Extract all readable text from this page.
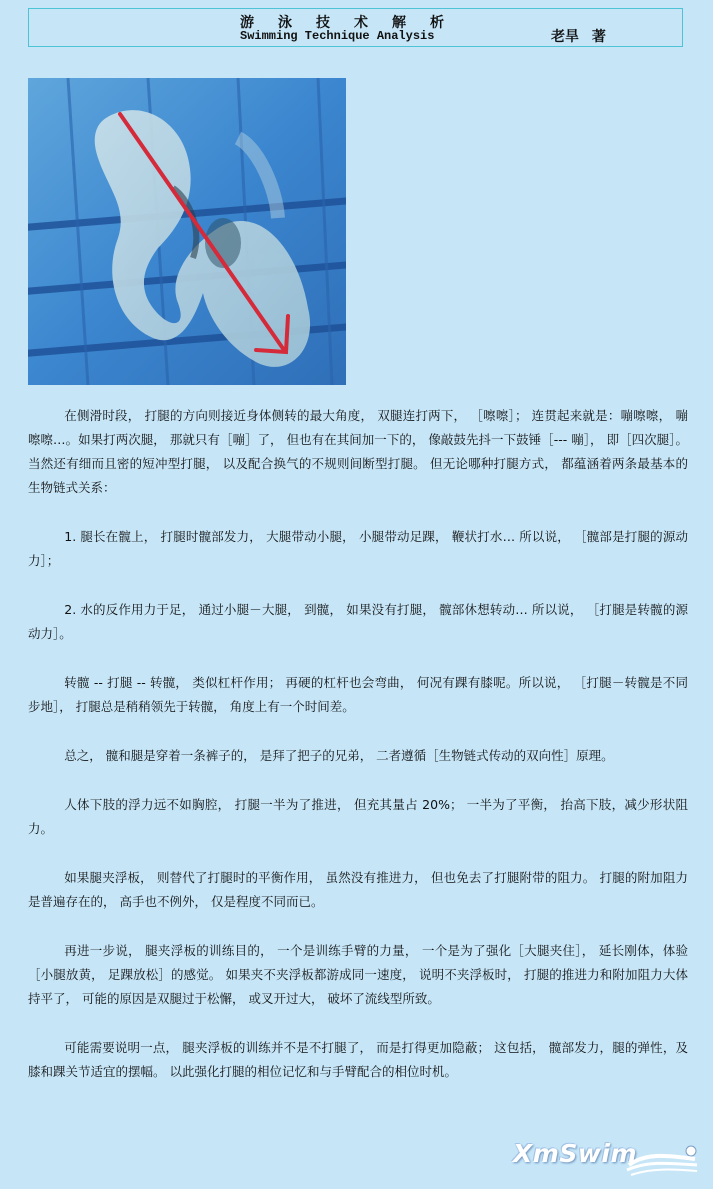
游泳技术解析
Swimming Technique Analysis	老旱 著

在侧滑时段， 打腿的方向则接近身体侧转的最大角度， 双腿连打两下， ［嚓嚓］； 连贯起来就是：嘣嚓嚓， 嘣嚓嚓…。如果打两次腿， 那就只有［嘣］了， 但也有在其间加一下的， 像敲鼓先抖一下鼓锤［--- 嘣］， 即［四次腿］。 当然还有细而且密的短冲型打腿， 以及配合换气的不规则间断型打腿。 但无论哪种打腿方式， 都蕴涵着两条最基本的生物链式关系：

1. 腿长在髋上， 打腿时髋部发力， 大腿带动小腿， 小腿带动足踝， 鞭状打水… 所以说， ［髋部是打腿的源动力］；

2. 水的反作用力于足， 通过小腿－大腿， 到髋， 如果没有打腿， 髋部休想转动… 所以说， ［打腿是转髋的源动力］。

转髋 -- 打腿 -- 转髋， 类似杠杆作用； 再硬的杠杆也会弯曲， 何况有踝有膝呢。所以说， ［打腿－转髋是不同步地］， 打腿总是稍稍领先于转髋， 角度上有一个时间差。

总之， 髋和腿是穿着一条裤子的， 是拜了把子的兄弟， 二者遵循［生物链式传动的双向性］原理。

人体下肢的浮力远不如胸腔， 打腿一半为了推进， 但充其量占 20%； 一半为了平衡， 抬高下肢，减少形状阻力。

如果腿夹浮板， 则替代了打腿时的平衡作用， 虽然没有推进力， 但也免去了打腿附带的阻力。 打腿的附加阻力是普遍存在的， 高手也不例外， 仅是程度不同而已。

再进一步说， 腿夹浮板的训练目的， 一个是训练手臂的力量， 一个是为了强化［大腿夹住］， 延长刚体，体验［小腿放黄， 足踝放松］的感觉。 如果夹不夹浮板都游成同一速度， 说明不夹浮板时， 打腿的推进力和附加阻力大体持平了， 可能的原因是双腿过于松懈， 或叉开过大， 破坏了流线型所致。

可能需要说明一点， 腿夹浮板的训练并不是不打腿了， 而是打得更加隐蔽； 这包括， 髋部发力，腿的弹性，及膝和踝关节适宜的摆幅。 以此强化打腿的相位记忆和与手臂配合的相位时机。

XmSwim
